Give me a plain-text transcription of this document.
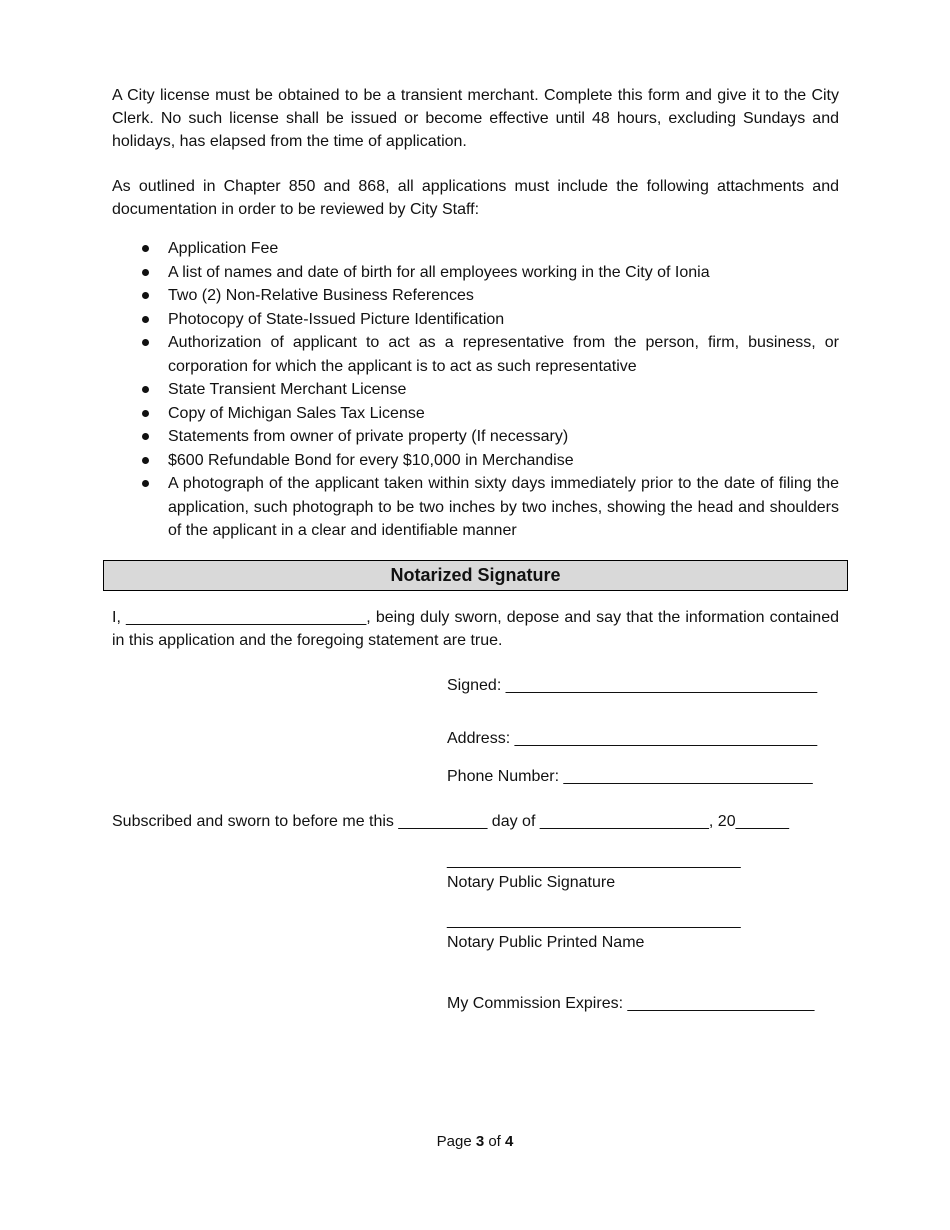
A City license must be obtained to be a transient merchant. Complete this form and give it to the City Clerk. No such license shall be issued or become effective until 48 hours, excluding Sundays and holidays, has elapsed from the time of application.

As outlined in Chapter 850 and 868, all applications must include the following attachments and documentation in order to be reviewed by City Staff:

Application Fee
A list of names and date of birth for all employees working in the City of Ionia
Two (2) Non-Relative Business References
Photocopy of State-Issued Picture Identification
Authorization of applicant to act as a representative from the person, firm, business, or corporation for which the applicant is to act as such representative
State Transient Merchant License
Copy of Michigan Sales Tax License
Statements from owner of private property (If necessary)
$600 Refundable Bond for every $10,000 in Merchandise
A photograph of the applicant taken within sixty days immediately prior to the date of filing the application, such photograph to be two inches by two inches, showing the head and shoulders of the applicant in a clear and identifiable manner
Notarized Signature

I, ___________________________, being duly sworn, depose and say that the information contained in this application and the foregoing statement are true.

Signed: ___________________________________
Address: __________________________________
Phone Number: ____________________________
Subscribed and sworn to before me this __________ day of ___________________, 20______
_________________________________
Notary Public Signature
_________________________________
Notary Public Printed Name
My Commission Expires: _____________________
Page 3 of 4
